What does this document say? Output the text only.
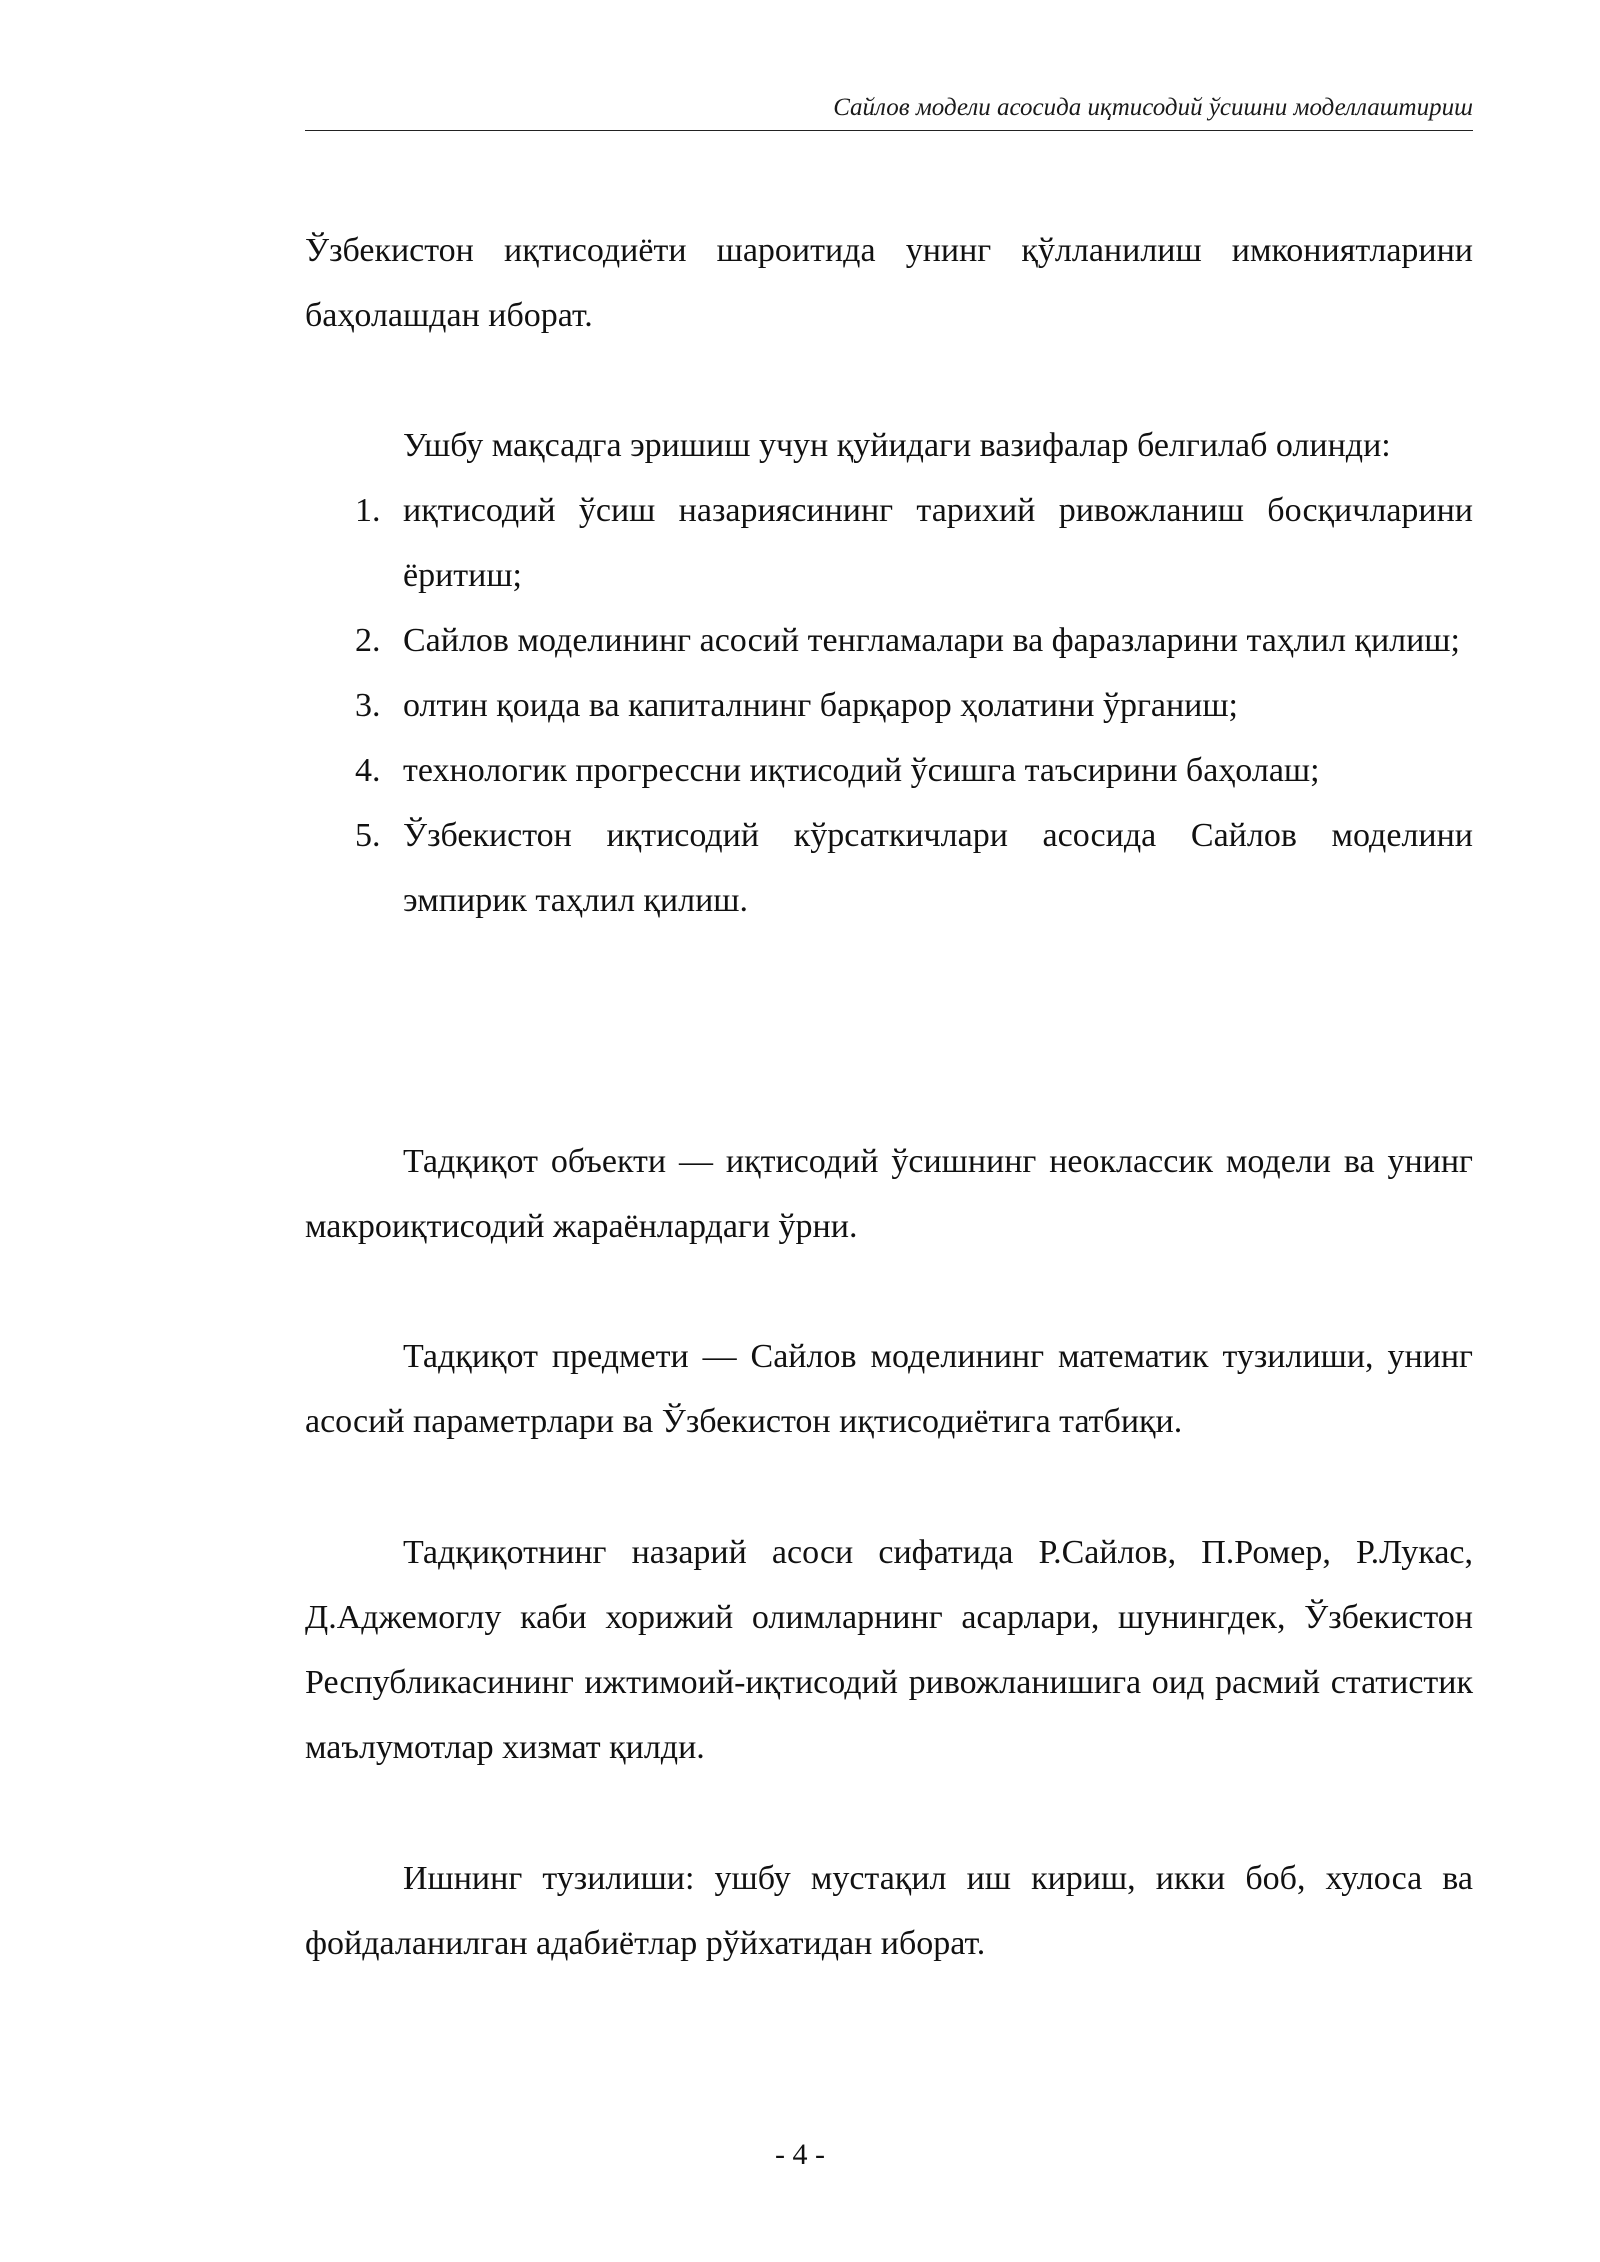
Сайлов модели асосида иқтисодий ўсишни моделлаштириш

Ўзбекистон иқтисодиёти шароитида унинг қўлланилиш имкониятларини баҳолашдан иборат.

Ушбу мақсадга эришиш учун қуйидаги вазифалар белгилаб олинди:

1. иқтисодий ўсиш назариясининг тарихий ривожланиш босқичларини ёритиш;
2. Сайлов моделининг асосий тенгламалари ва фаразларини таҳлил қилиш;
3. олтин қоида ва капиталнинг барқарор ҳолатини ўрганиш;
4. технологик прогрессни иқтисодий ўсишга таъсирини баҳолаш;
5. Ўзбекистон иқтисодий кўрсаткичлари асосида Сайлов моделини эмпирик таҳлил қилиш.

Тадқиқот объекти — иқтисодий ўсишнинг неоклассик модели ва унинг макроиқтисодий жараёнлардаги ўрни.

Тадқиқот предмети — Сайлов моделининг математик тузилиши, унинг асосий параметрлари ва Ўзбекистон иқтисодиётига татбиқи.

Тадқиқотнинг назарий асоси сифатида Р.Сайлов, П.Ромер, Р.Лукас, Д.Аджемоглу каби хорижий олимларнинг асарлари, шунингдек, Ўзбекистон Республикасининг ижтимоий-иқтисодий ривожланишига оид расмий статистик маълумотлар хизмат қилди.

Ишнинг тузилиши: ушбу мустақил иш кириш, икки боб, хулоса ва фойдаланилган адабиётлар рўйхатидан иборат.

- 4 -
